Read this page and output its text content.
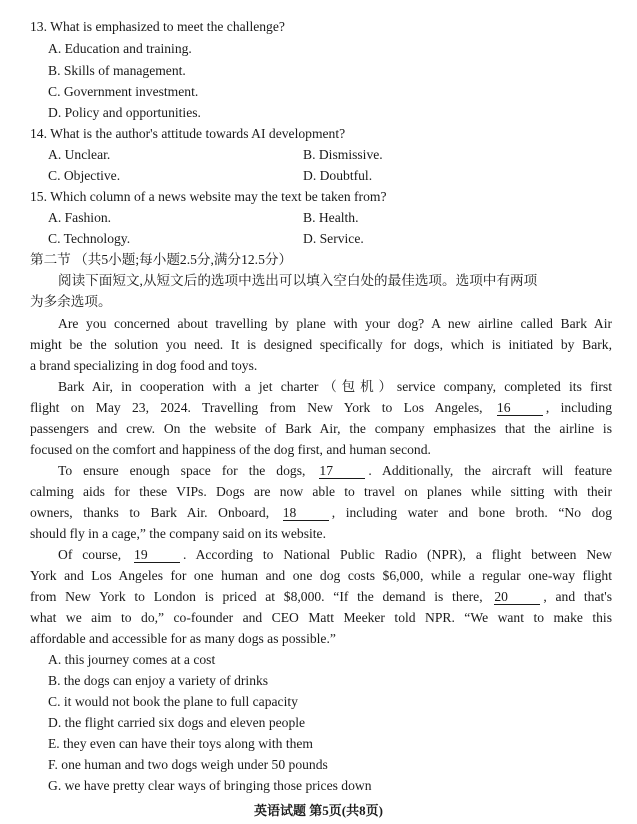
13. What is emphasized to meet the challenge?
A. Education and training.
B. Skills of management.
C. Government investment.
D. Policy and opportunities.
14. What is the author's attitude towards AI development?
A. Unclear.	B. Dismissive.
C. Objective.	D. Doubtful.
15. Which column of a news website may the text be taken from?
A. Fashion.	B. Health.
C. Technology.	D. Service.
第二节 （共5小题;每小题2.5分,满分12.5分）
阅读下面短文,从短文后的选项中选出可以填入空白处的最佳选项。选项中有两项
为多余选项。
Are you concerned about travelling by plane with your dog? A new airline called Bark Air
might be the solution you need. It is designed specifically for dogs, which is initiated by Bark,
a brand specializing in dog food and toys.
Bark Air, in cooperation with a jet charter（包机）service company, completed its first
flight on May 23, 2024. Travelling from New York to Los Angeles, 16	, including
passengers and crew. On the website of Bark Air, the company emphasizes that the airline is
focused on the comfort and happiness of the dog first, and human second.
To ensure enough space for the dogs, 17	. Additionally, the aircraft will feature
calming aids for these VIPs. Dogs are now able to travel on planes while sitting with their
owners, thanks to Bark Air. Onboard, 18	, including water and bone broth. “No dog
should fly in a cage,” the company said on its website.
Of course, 19	. According to National Public Radio (NPR), a flight between New
York and Los Angeles for one human and one dog costs $6,000, while a regular one-way flight
from New York to London is priced at $8,000. “If the demand is there, 20	, and that's
what we aim to do,” co-founder and CEO Matt Meeker told NPR. “We want to make this
affordable and accessible for as many dogs as possible.”
A. this journey comes at a cost
B. the dogs can enjoy a variety of drinks
C. it would not book the plane to full capacity
D. the flight carried six dogs and eleven people
E. they even can have their toys along with them
F. one human and two dogs weigh under 50 pounds
G. we have pretty clear ways of bringing those prices down
英语试题 第5页(共8页)
